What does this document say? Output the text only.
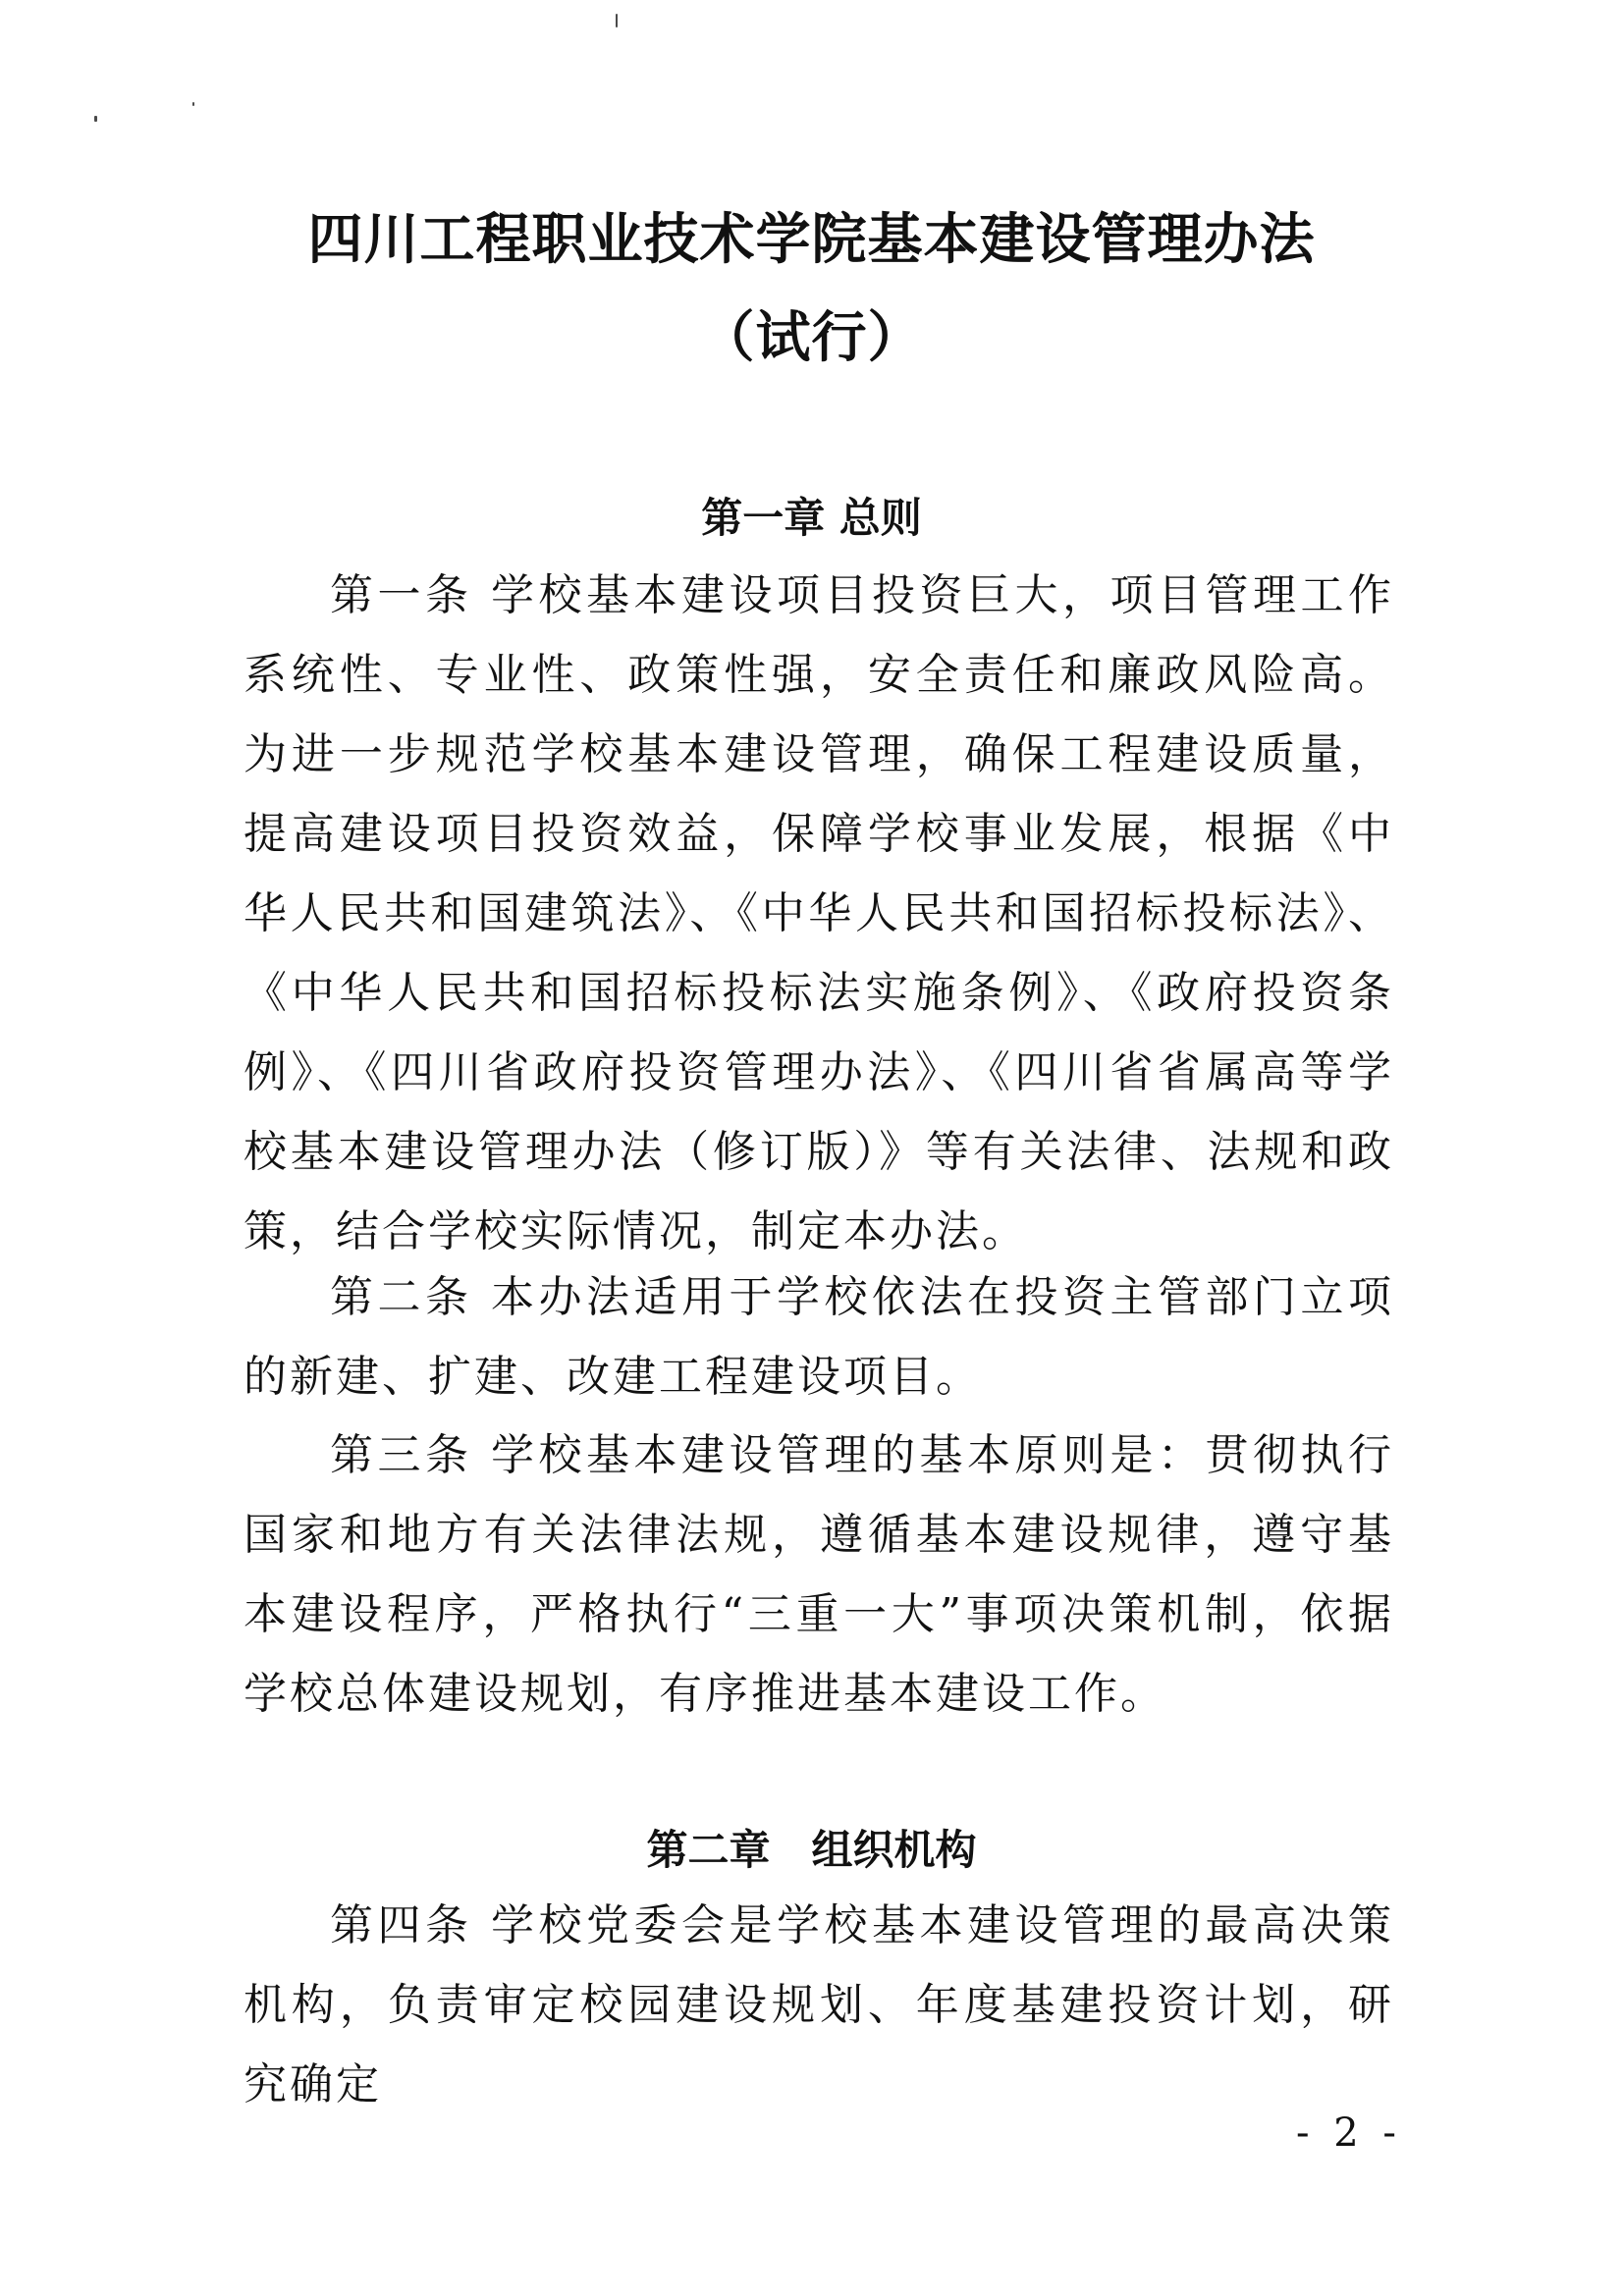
四川工程职业技术学院基本建设管理办法
（试行）
第一章 总则

第一条 学校基本建设项目投资巨大，项目管理工作系统性、专业性、政策性强，安全责任和廉政风险高。为进一步规范学校基本建设管理，确保工程建设质量，提高建设项目投资效益，保障学校事业发展，根据《中华人民共和国建筑法》、《中华人民共和国招标投标法》、《中华人民共和国招标投标法实施条例》、《政府投资条例》、《四川省政府投资管理办法》、《四川省省属高等学校基本建设管理办法（修订版）》等有关法律、法规和政策，结合学校实际情况，制定本办法。

第二条 本办法适用于学校依法在投资主管部门立项的新建、扩建、改建工程建设项目。

第三条 学校基本建设管理的基本原则是：贯彻执行国家和地方有关法律法规，遵循基本建设规律，遵守基本建设程序，严格执行“三重一大”事项决策机制，依据学校总体建设规划，有序推进基本建设工作。

第二章　组织机构

第四条 学校党委会是学校基本建设管理的最高决策机构，负责审定校园建设规划、年度基建投资计划，研究确定

- 2 -
